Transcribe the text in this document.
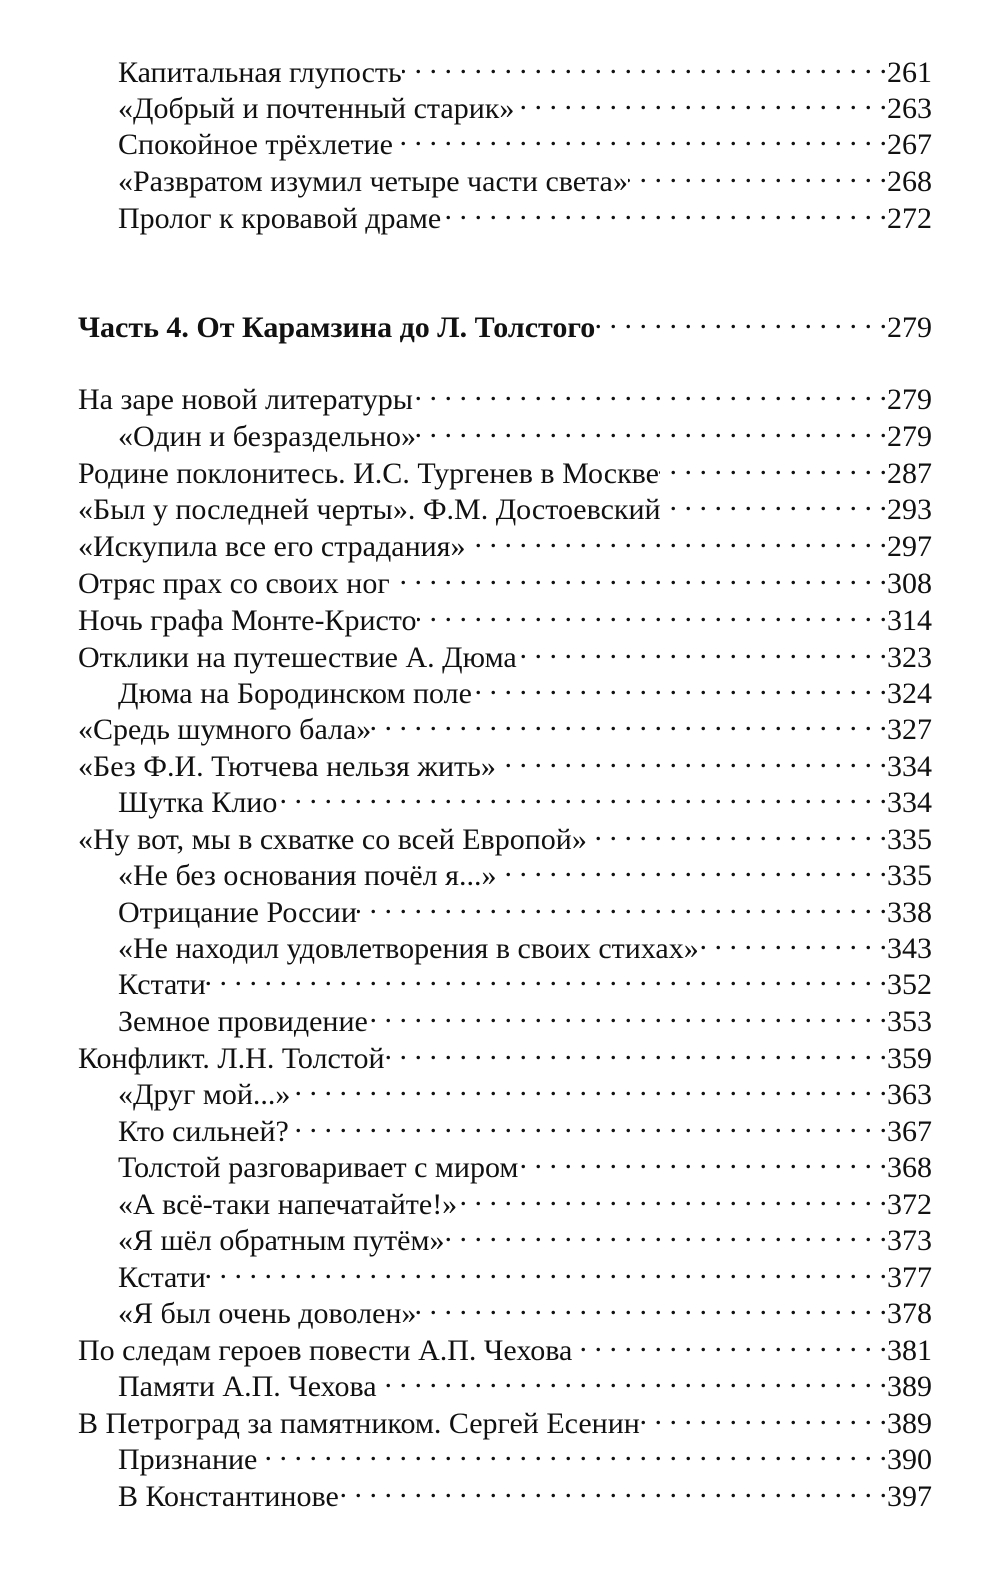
Капитальная глупость . . .	261
«Добрый и почтенный старик» . . .	263
Спокойное трёхлетие . . .	267
«Развратом изумил четыре части света» . . .	268
Пролог к кровавой драме . . .	272
Часть 4. От Карамзина до Л. Толстого . . .	279
На заре новой литературы . . .	279
«Один и безраздельно» . . .	279
Родине поклонитесь. И.С. Тургенев в Москве . . .	287
«Был у последней черты». Ф.М. Достоевский . . .	293
«Искупила все его страдания» . . .	297
Отряс прах со своих ног . . .	308
Ночь графа Монте-Кристо . . .	314
Отклики на путешествие А. Дюма . . .	323
Дюма на Бородинском поле . . .	324
«Средь шумного бала» . . .	327
«Без Ф.И. Тютчева нельзя жить» . . .	334
Шутка Клио . . .	334
«Ну вот, мы в схватке со всей Европой» . . .	335
«Не без основания почёл я...» . . .	335
Отрицание России . . .	338
«Не находил удовлетворения в своих стихах» . . .	343
Кстати . . .	352
Земное провидение . . .	353
Конфликт. Л.Н. Толстой . . .	359
«Друг мой...» . . .	363
Кто сильней? . . .	367
Толстой разговаривает с миром . . .	368
«А всё-таки напечатайте!» . . .	372
«Я шёл обратным путём» . . .	373
Кстати . . .	377
«Я был очень доволен» . . .	378
По следам героев повести А.П. Чехова . . .	381
Памяти А.П. Чехова . . .	389
В Петроград за памятником. Сергей Есенин . . .	389
Признание . . .	390
В Константинове . . .	397
